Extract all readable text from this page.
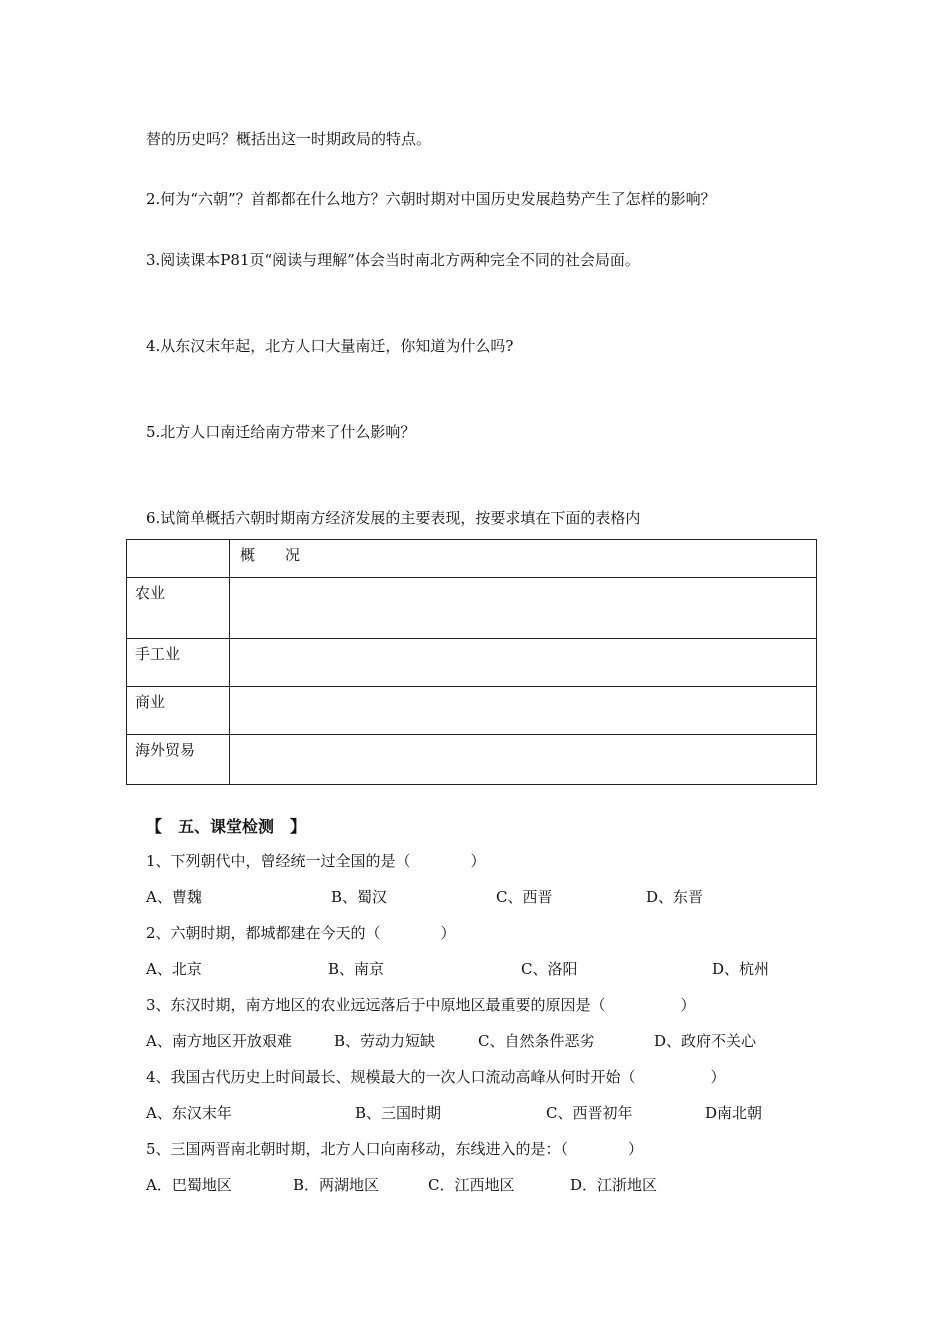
替的历史吗？概括出这一时期政局的特点。
2.何为“六朝”？首都都在什么地方？六朝时期对中国历史发展趋势产生了怎样的影响？
3.阅读课本P81页“阅读与理解”体会当时南北方两种完全不同的社会局面。
4.从东汉末年起，北方人口大量南迁，你知道为什么吗?
5.北方人口南迁给南方带来了什么影响？
6.试简单概括六朝时期南方经济发展的主要表现，按要求填在下面的表格内
	概　　况
农业	
手工业	
商业	
海外贸易	
【　五、课堂检测　】
1、下列朝代中，曾经统一过全国的是（　　　　）
A、曹魏	B、蜀汉	C、西晋	D、东晋
2、六朝时期，都城都建在今天的（　　　　）
A、北京	B、南京	C、洛阳	D、杭州
3、东汉时期，南方地区的农业远远落后于中原地区最重要的原因是（　　　　　）
A、南方地区开放艰难	B、劳动力短缺	C、自然条件恶劣	D、政府不关心
4、我国古代历史上时间最长、规模最大的一次人口流动高峰从何时开始（　　　　　）
A、东汉末年	B、三国时期	C、西晋初年	D南北朝
5、三国两晋南北朝时期，北方人口向南移动，东线进入的是：（　　　　）
A．巴蜀地区	B．两湖地区	C．江西地区	D．江浙地区
